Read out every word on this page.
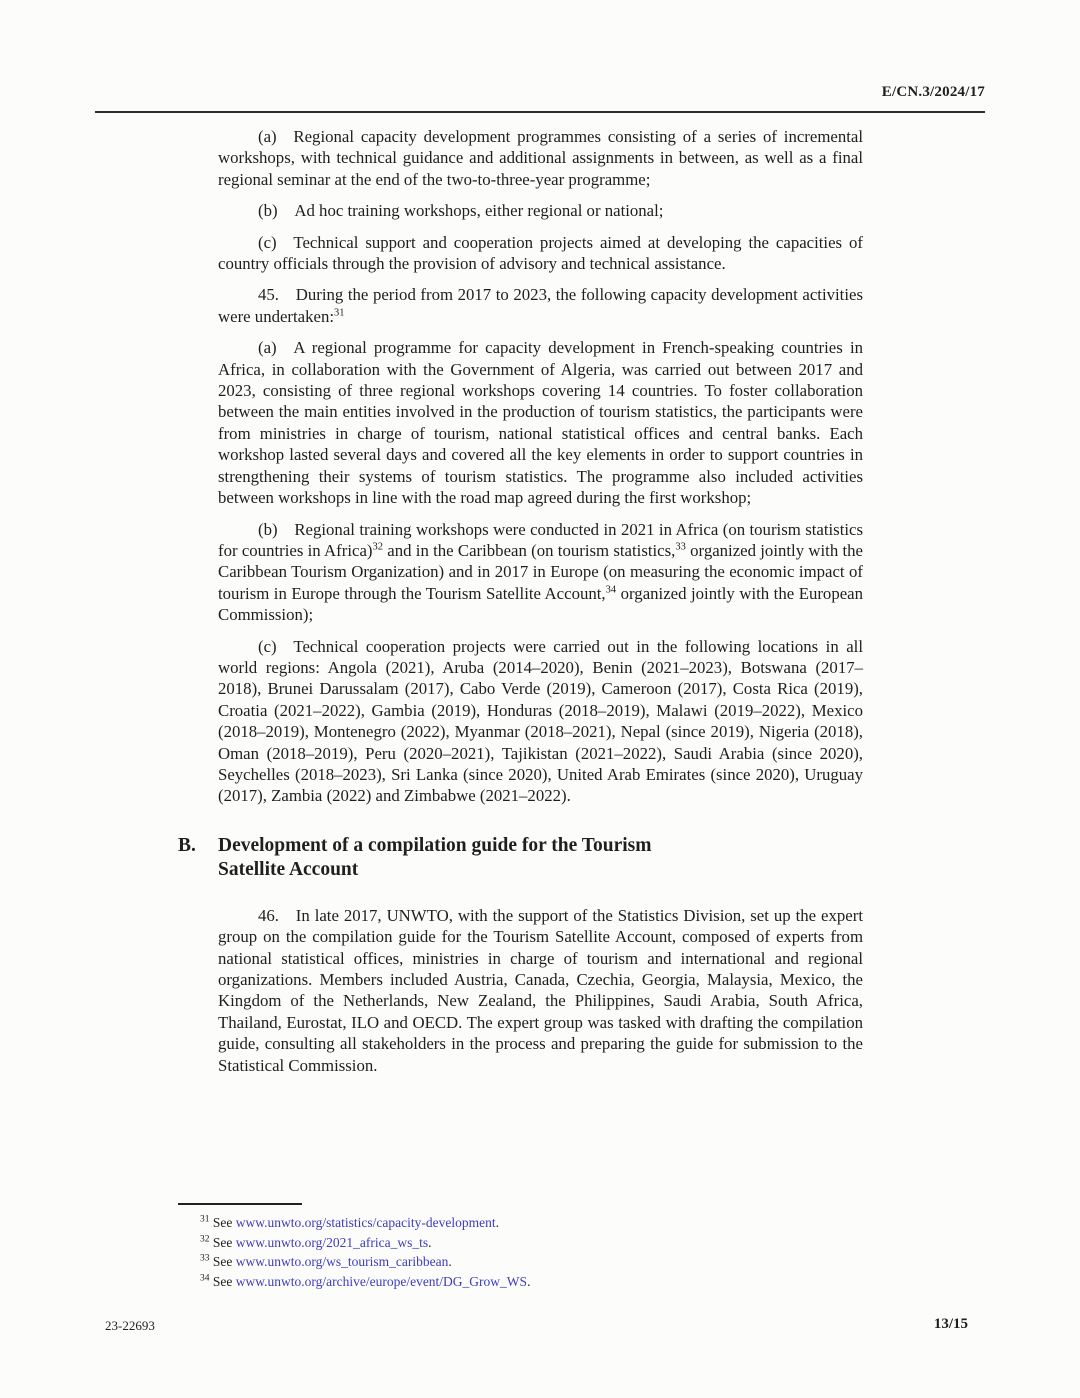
E/CN.3/2024/17

(a) Regional capacity development programmes consisting of a series of incremental workshops, with technical guidance and additional assignments in between, as well as a final regional seminar at the end of the two-to-three-year programme;

(b) Ad hoc training workshops, either regional or national;

(c) Technical support and cooperation projects aimed at developing the capacities of country officials through the provision of advisory and technical assistance.

45. During the period from 2017 to 2023, the following capacity development activities were undertaken:$^{31}$

(a) A regional programme for capacity development in French-speaking countries in Africa, in collaboration with the Government of Algeria, was carried out between 2017 and 2023, consisting of three regional workshops covering 14 countries. To foster collaboration between the main entities involved in the production of tourism statistics, the participants were from ministries in charge of tourism, national statistical offices and central banks. Each workshop lasted several days and covered all the key elements in order to support countries in strengthening their systems of tourism statistics. The programme also included activities between workshops in line with the road map agreed during the first workshop;

(b) Regional training workshops were conducted in 2021 in Africa (on tourism statistics for countries in Africa)$^{32}$ and in the Caribbean (on tourism statistics,$^{33}$ organized jointly with the Caribbean Tourism Organization) and in 2017 in Europe (on measuring the economic impact of tourism in Europe through the Tourism Satellite Account,$^{34}$ organized jointly with the European Commission);

(c) Technical cooperation projects were carried out in the following locations in all world regions: Angola (2021), Aruba (2014–2020), Benin (2021–2023), Botswana (2017–2018), Brunei Darussalam (2017), Cabo Verde (2019), Cameroon (2017), Costa Rica (2019), Croatia (2021–2022), Gambia (2019), Honduras (2018–2019), Malawi (2019–2022), Mexico (2018–2019), Montenegro (2022), Myanmar (2018–2021), Nepal (since 2019), Nigeria (2018), Oman (2018–2019), Peru (2020–2021), Tajikistan (2021–2022), Saudi Arabia (since 2020), Seychelles (2018–2023), Sri Lanka (since 2020), United Arab Emirates (since 2020), Uruguay (2017), Zambia (2022) and Zimbabwe (2021–2022).

B. Development of a compilation guide for the Tourism
Satellite Account

46. In late 2017, UNWTO, with the support of the Statistics Division, set up the expert group on the compilation guide for the Tourism Satellite Account, composed of experts from national statistical offices, ministries in charge of tourism and international and regional organizations. Members included Austria, Canada, Czechia, Georgia, Malaysia, Mexico, the Kingdom of the Netherlands, New Zealand, the Philippines, Saudi Arabia, South Africa, Thailand, Eurostat, ILO and OECD. The expert group was tasked with drafting the compilation guide, consulting all stakeholders in the process and preparing the guide for submission to the Statistical Commission.

$^{31}$ See www.unwto.org/statistics/capacity-development.
$^{32}$ See www.unwto.org/2021_africa_ws_ts.
$^{33}$ See www.unwto.org/ws_tourism_caribbean.
$^{34}$ See www.unwto.org/archive/europe/event/DG_Grow_WS.
23-22693	13/15
